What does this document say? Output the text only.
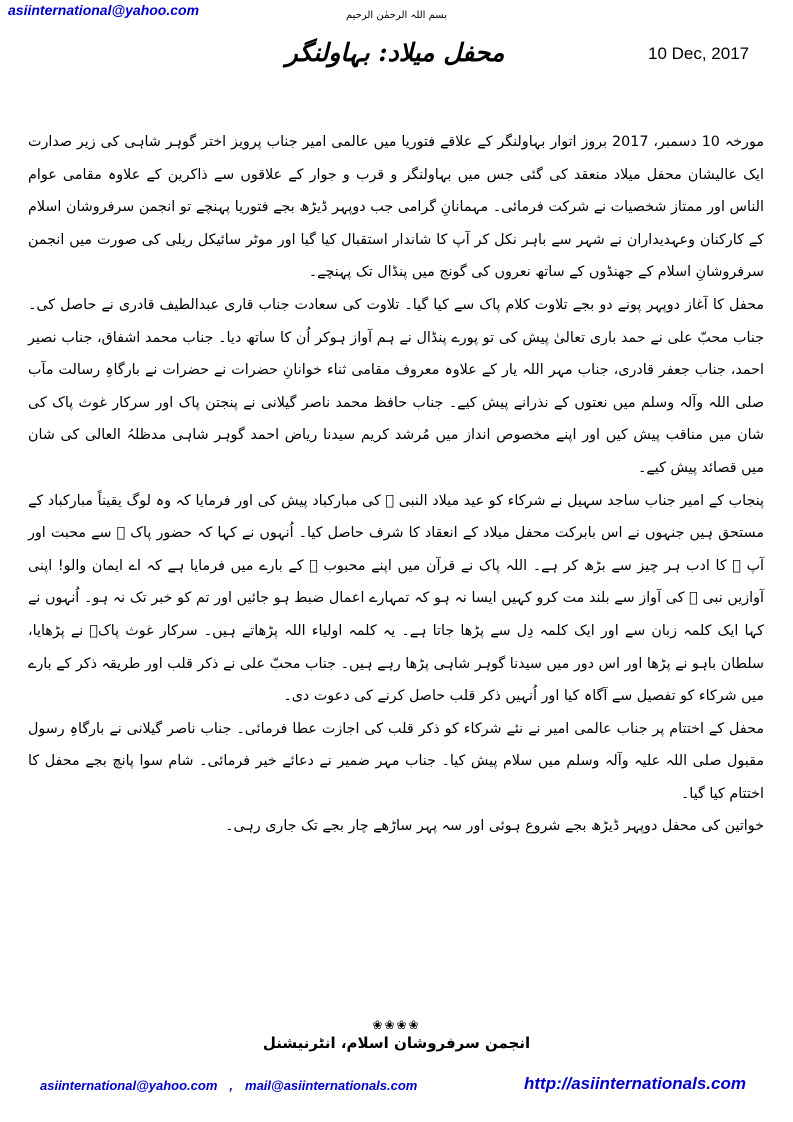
asiinternational@yahoo.com	بسم اللہ الرحمٰن الرحیم
10 Dec, 2017
محفل میلاد: بہاولنگر

مورخہ 10 دسمبر، 2017 بروز اتوار بہاولنگر کے علاقے فتوریا میں عالمی امیر جناب پرویز اختر گوہر شاہی کی زیر صدارت ایک عالیشان محفل میلاد منعقد کی گئی جس میں بہاولنگر و قرب و جوار کے علاقوں سے ذاکرین کے علاوہ مقامی عوام الناس اور ممتاز شخصیات نے شرکت فرمائی۔ مہمانانِ گرامی جب دوپہر ڈیڑھ بجے فتوریا پہنچے تو انجمن سرفروشان اسلام کے کارکنان وعہدیداران نے شہر سے باہر نکل کر آپ کا شاندار استقبال کیا گیا اور موٹر سائیکل ریلی کی صورت میں انجمن سرفروشانِ اسلام کے جھنڈوں کے ساتھ نعروں کی گونج میں پنڈال تک پہنچے۔

محفل کا آغاز دوپہر پونے دو بجے تلاوت کلام پاک سے کیا گیا۔ تلاوت کی سعادت جناب قاری عبدالطیف قادری نے حاصل کی۔ جناب محبّ علی نے حمد باری تعالیٰ پیش کی تو پورے پنڈال نے ہم آواز ہوکر اُن کا ساتھ دیا۔ جناب محمد اشفاق، جناب نصیر احمد، جناب جعفر قادری، جناب مہر اللہ یار کے علاوہ معروف مقامی ثناء خوانانِ حضرات نے حضرات نے بارگاہِ رسالت مآب صلی اللہ وآلہ وسلم میں نعتوں کے نذرانے پیش کیے۔ جناب حافظ محمد ناصر گیلانی نے پنجتن پاک اور سرکار غوث پاک کی شان میں مناقب پیش کیں اور اپنے مخصوص انداز میں مُرشد کریم سیدنا ریاض احمد گوہر شاہی مدظلہُ العالی کی شان میں قصائد پیش کیے۔

پنجاب کے امیر جناب ساجد سہیل نے شرکاء کو عید میلاد النبی ﷺ کی مبارکباد پیش کی اور فرمایا کہ وہ لوگ یقیناً مبارکباد کے مستحق ہیں جنہوں نے اس بابرکت محفل میلاد کے انعقاد کا شرف حاصل کیا۔ اُنہوں نے کہا کہ حضور پاک ﷺ سے محبت اور آپ ﷺ کا ادب ہر چیز سے بڑھ کر ہے۔ اللہ پاک نے قرآن میں اپنے محبوب ﷺ کے بارے میں فرمایا ہے کہ اے ایمان والو! اپنی آوازیں نبی ﷺ کی آواز سے بلند مت کرو کہیں ایسا نہ ہو کہ تمہارے اعمال ضبط ہو جائیں اور تم کو خبر تک نہ ہو۔ اُنہوں نے کہا ایک کلمہ زبان سے اور ایک کلمہ دِل سے پڑھا جاتا ہے۔ یہ کلمہ اولیاء اللہ پڑھاتے ہیں۔ سرکار غوث پاکؓ نے پڑھایا، سلطان باہو نے پڑھا اور اس دور میں سیدنا گوہر شاہی پڑھا رہے ہیں۔ جناب محبّ علی نے ذکر قلب اور طریقہ ذکر کے بارے میں شرکاء کو تفصیل سے آگاہ کیا اور اُنہیں ذکر قلب حاصل کرنے کی دعوت دی۔

محفل کے اختتام پر جناب عالمی امیر نے نئے شرکاء کو ذکر قلب کی اجازت عطا فرمائی۔ جناب ناصر گیلانی نے بارگاہِ رسول مقبول صلی اللہ علیہ وآلہ وسلم میں سلام پیش کیا۔ جناب مہر ضمیر نے دعائے خیر فرمائی۔ شام سوا پانچ بجے محفل کا اختتام کیا گیا۔

خواتین کی محفل دوپہر ڈیڑھ بجے شروع ہوئی اور سہ پہر ساڑھے چار بجے تک جاری رہی۔

❀❀❀❀
انجمن سرفروشان اسلام، انٹرنیشنل
asiinternational@yahoo.com , mail@asiinternationals.com	http://asiinternationals.com
